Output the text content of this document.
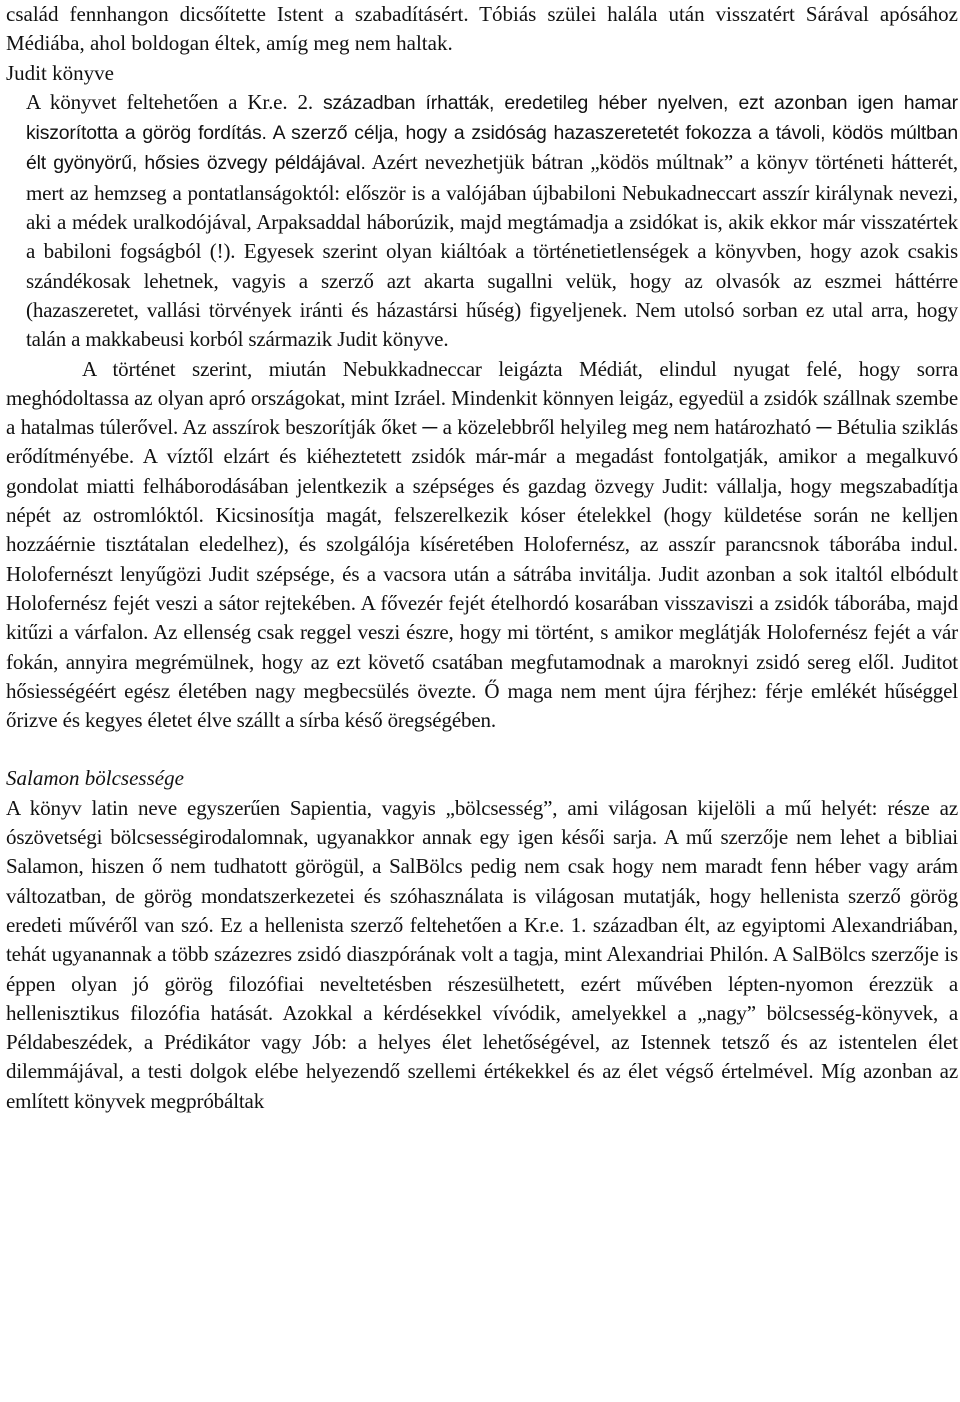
család fennhangon dicsőítette Istent a szabadításért. Tóbiás szülei halála után visszatért Sárával apósához Médiába, ahol boldogan éltek, amíg meg nem haltak.

Judit könyve

A könyvet feltehetően a Kr.e. 2. században írhatták, eredetileg héber nyelven, ezt azonban igen hamar kiszorította a görög fordítás. A szerző célja, hogy a zsidóság hazaszeretetét fokozza a távoli, ködös múltban élt gyönyörű, hősies özvegy példájával. Azért nevezhetjük bátran „ködös múltnak” a könyv történeti hátterét, mert az hemzseg a pontatlanságoktól: először is a valójában újbabiloni Nebukadneccart asszír királynak nevezi, aki a médek uralkodójával, Arpaksaddal háborúzik, majd megtámadja a zsidókat is, akik ekkor már visszatértek a babiloni fogságból (!). Egyesek szerint olyan kiáltóak a történetietlenségek a könyvben, hogy azok csakis szándékosak lehetnek, vagyis a szerző azt akarta sugallni velük, hogy az olvasók az eszmei háttérre (hazaszeretet, vallási törvények iránti és házastársi hűség) figyeljenek. Nem utolsó sorban ez utal arra, hogy talán a makkabeusi korból származik Judit könyve.

A történet szerint, miután Nebukkadneccar leigázta Médiát, elindul nyugat felé, hogy sorra meghódoltassa az olyan apró országokat, mint Izráel. Mindenkit könnyen leigáz, egyedül a zsidók szállnak szembe a hatalmas túlerővel. Az asszírok beszorítják őket ─ a közelebbről helyileg meg nem határozható ─ Bétulia sziklás erődítményébe. A víztől elzárt és kiéheztetett zsidók már-már a megadást fontolgatják, amikor a megalkuvó gondolat miatti felháborodásában jelentkezik a szépséges és gazdag özvegy Judit: vállalja, hogy megszabadítja népét az ostromlóktól. Kicsinosítja magát, felszerelkezik kóser ételekkel (hogy küldetése során ne kelljen hozzáérnie tisztátalan eledelhez), és szolgálója kíséretében Holofernész, az asszír parancsnok táborába indul. Holofernészt lenyűgözi Judit szépsége, és a vacsora után a sátrába invitálja. Judit azonban a sok italtól elbódult Holofernész fejét veszi a sátor rejtekében. A fővezér fejét ételhordó kosarában visszaviszi a zsidók táborába, majd kitűzi a várfalon. Az ellenség csak reggel veszi észre, hogy mi történt, s amikor meglátják Holofernész fejét a vár fokán, annyira megrémülnek, hogy az ezt követő csatában megfutamodnak a maroknyi zsidó sereg elől. Juditot hősiességéért egész életében nagy megbecsülés övezte. Ő maga nem ment újra férjhez: férje emlékét hűséggel őrizve és kegyes életet élve szállt a sírba késő öregségében.

Salamon bölcsessége

A könyv latin neve egyszerűen Sapientia, vagyis „bölcsesség”, ami világosan kijelöli a mű helyét: része az ószövetségi bölcsességirodalomnak, ugyanakkor annak egy igen késői sarja. A mű szerzője nem lehet a bibliai Salamon, hiszen ő nem tudhatott görögül, a SalBölcs pedig nem csak hogy nem maradt fenn héber vagy arám változatban, de görög mondatszerkezetei és szóhasználata is világosan mutatják, hogy hellenista szerző görög eredeti művéről van szó. Ez a hellenista szerző feltehetően a Kr.e. 1. században élt, az egyiptomi Alexandriában, tehát ugyanannak a több százezres zsidó diaszpórának volt a tagja, mint Alexandriai Philón. A SalBölcs szerzője is éppen olyan jó görög filozófiai neveltetésben részesülhetett, ezért művében lépten-nyomon érezzük a hellenisztikus filozófia hatását. Azokkal a kérdésekkel vívódik, amelyekkel a „nagy” bölcsesség-könyvek, a Példabeszédek, a Prédikátor vagy Jób: a helyes élet lehetőségével, az Istennek tetsző és az istentelen élet dilemmájával, a testi dolgok elébe helyezendő szellemi értékekkel és az élet végső értelmével. Míg azonban az említett könyvek megpróbáltak
